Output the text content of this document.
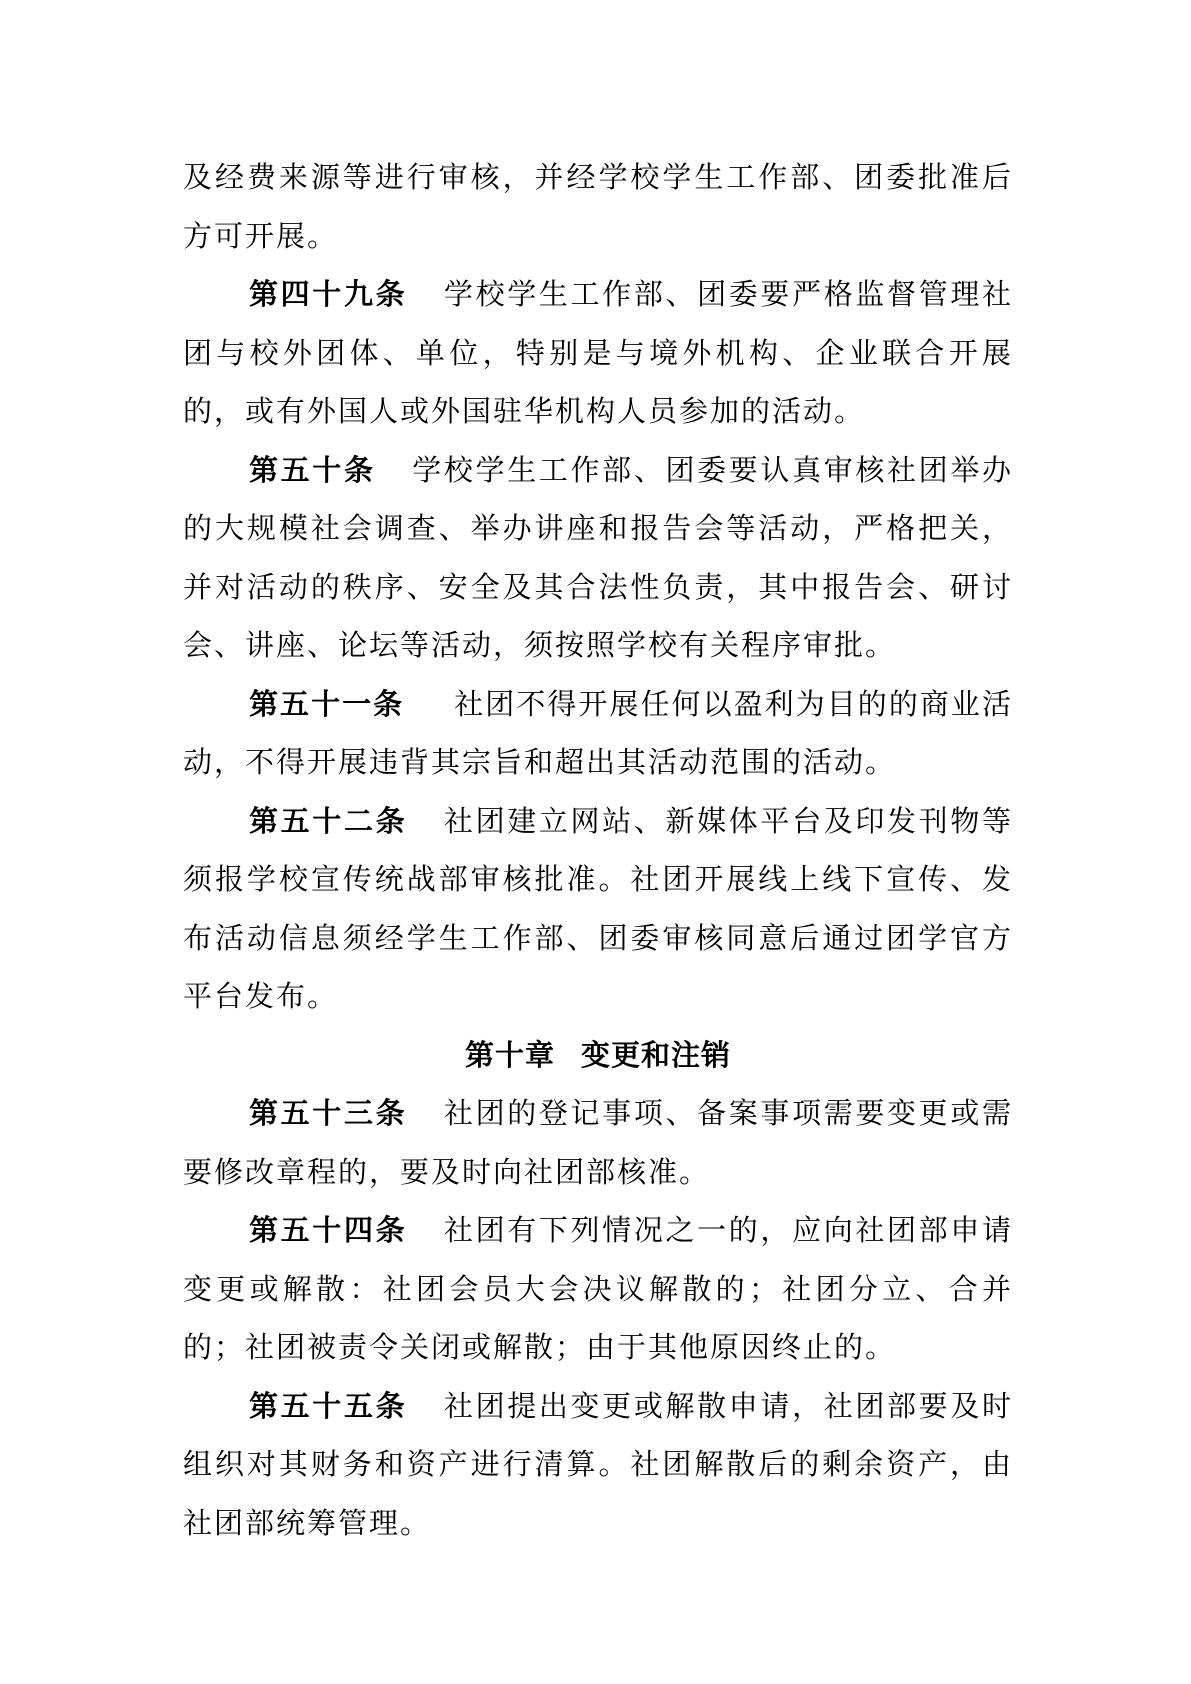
及经费来源等进行审核，并经学校学生工作部、团委批准后方可开展。

第四十九条 学校学生工作部、团委要严格监督管理社团与校外团体、单位，特别是与境外机构、企业联合开展的，或有外国人或外国驻华机构人员参加的活动。

第五十条 学校学生工作部、团委要认真审核社团举办的大规模社会调查、举办讲座和报告会等活动，严格把关，并对活动的秩序、安全及其合法性负责，其中报告会、研讨会、讲座、论坛等活动，须按照学校有关程序审批。

第五十一条 社团不得开展任何以盈利为目的的商业活动，不得开展违背其宗旨和超出其活动范围的活动。

第五十二条 社团建立网站、新媒体平台及印发刊物等须报学校宣传统战部审核批准。社团开展线上线下宣传、发布活动信息须经学生工作部、团委审核同意后通过团学官方平台发布。

第十章 变更和注销

第五十三条 社团的登记事项、备案事项需要变更或需要修改章程的，要及时向社团部核准。

第五十四条 社团有下列情况之一的，应向社团部申请变更或解散：社团会员大会决议解散的；社团分立、合并的；社团被责令关闭或解散；由于其他原因终止的。

第五十五条 社团提出变更或解散申请，社团部要及时组织对其财务和资产进行清算。社团解散后的剩余资产，由社团部统筹管理。
